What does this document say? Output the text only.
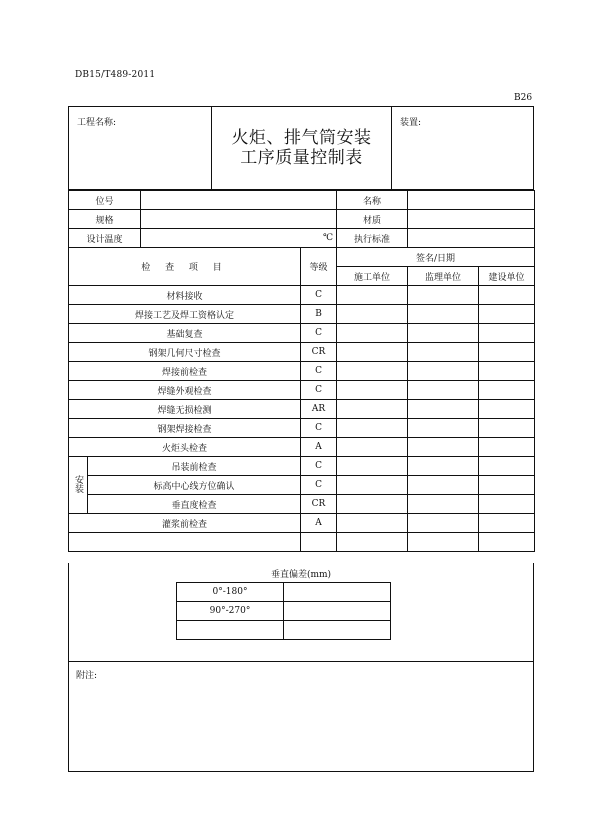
DB15/T489-2011
B26
工程名称:
火炬、排气筒安装
工序质量控制表
装置:
位号				名称		
规格				材质		
设计温度		℃		执行标准		
检 查 项 目			等级	签名/日期		
				施工单位	监理单位	建设单位
材料接收			C			
焊接工艺及焊工资格认定			B			
基础复查			C			
钢架几何尺寸检查			CR			
焊接前检查			C			
焊缝外观检查			C			
焊缝无损检测			AR			
钢架焊接检查			C			
火炬头检查			A			
安装	吊装前检查		C			
	标高中心线方位确认		C			
	垂直度检查		CR			
灌浆前检查			A			

垂直偏差(mm)
0°-180°	
90°-270°	

附注:
